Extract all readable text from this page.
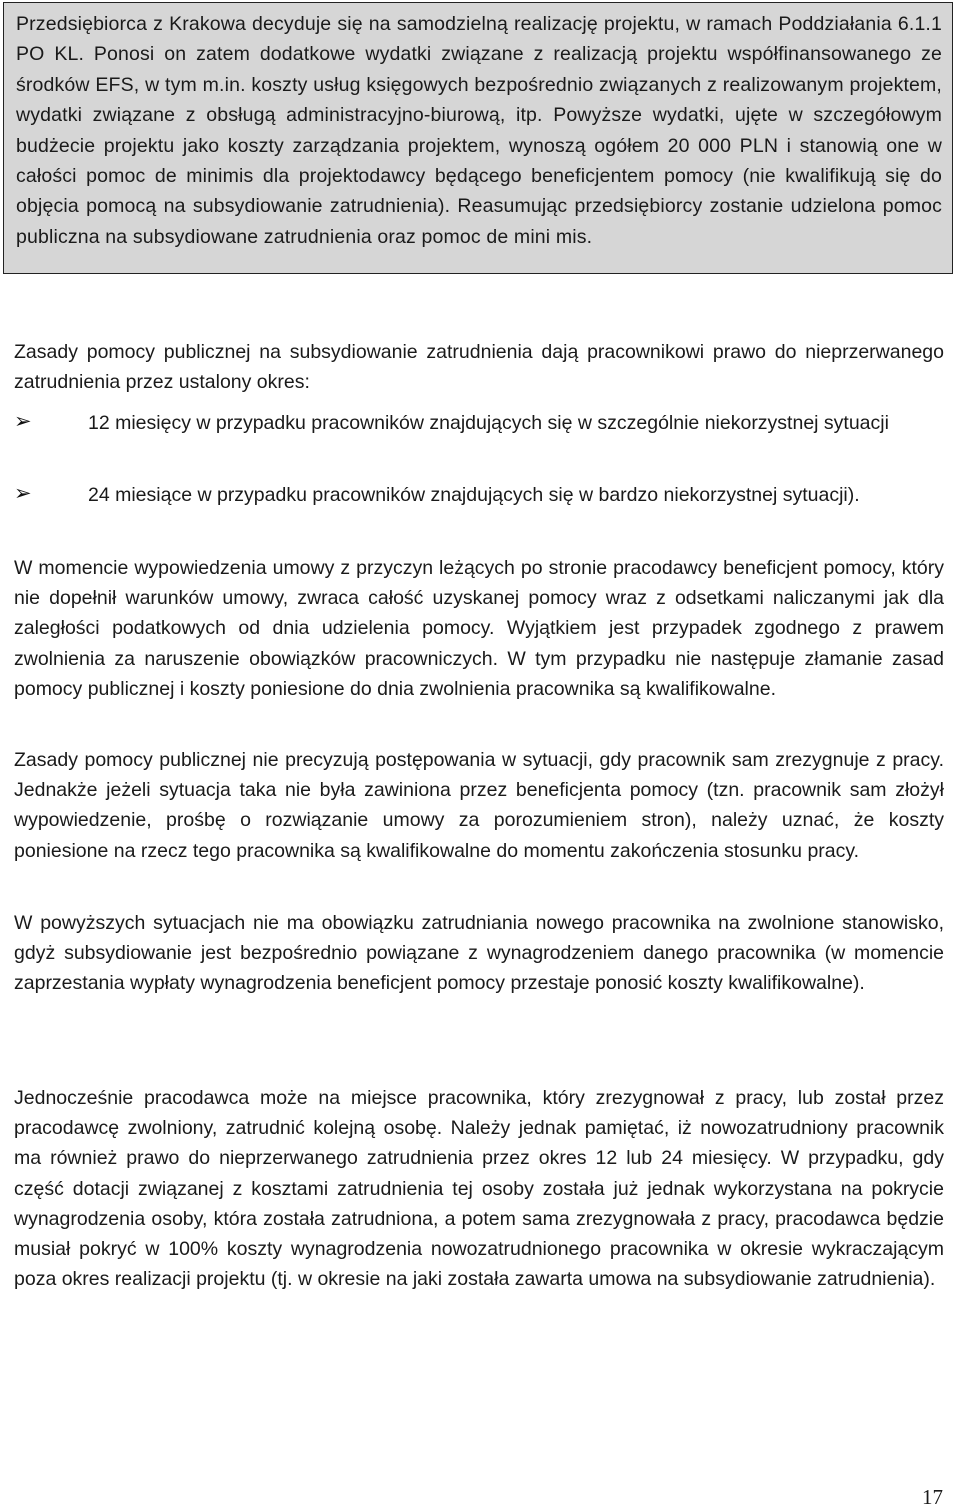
Przedsiębiorca z Krakowa decyduje się na samodzielną realizację projektu, w ramach Poddziałania 6.1.1 PO KL. Ponosi on zatem dodatkowe wydatki związane z realizacją projektu współfinansowanego ze środków EFS, w tym m.in. koszty usług księgowych bezpośrednio związanych z realizowanym projektem, wydatki związane z obsługą administracyjno-biurową, itp. Powyższe wydatki, ujęte w szczegółowym budżecie projektu jako koszty zarządzania projektem, wynoszą ogółem 20 000 PLN i stanowią one w całości pomoc de minimis dla projektodawcy będącego beneficjentem pomocy (nie kwalifikują się do objęcia pomocą na subsydiowanie zatrudnienia). Reasumując przedsiębiorcy zostanie udzielona pomoc publiczna na subsydiowane zatrudnienia oraz pomoc de mini mis.

Zasady pomocy publicznej na subsydiowanie zatrudnienia dają pracownikowi prawo do nieprzerwanego zatrudnienia przez ustalony okres:

➢	12 miesięcy w przypadku pracowników znajdujących się w szczególnie niekorzystnej sytuacji

➢	24 miesiące w przypadku pracowników znajdujących się w bardzo niekorzystnej sytuacji).

W momencie wypowiedzenia umowy z przyczyn leżących po stronie pracodawcy beneficjent pomocy, który nie dopełnił warunków umowy, zwraca całość uzyskanej pomocy wraz z odsetkami naliczanymi jak dla zaległości podatkowych od dnia udzielenia pomocy. Wyjątkiem jest przypadek zgodnego z prawem zwolnienia za naruszenie obowiązków pracowniczych. W tym przypadku nie następuje złamanie zasad pomocy publicznej i koszty poniesione do dnia zwolnienia pracownika są kwalifikowalne.

Zasady pomocy publicznej nie precyzują postępowania w sytuacji, gdy pracownik sam zrezygnuje z pracy. Jednakże jeżeli sytuacja taka nie była zawiniona przez beneficjenta pomocy (tzn. pracownik sam złożył wypowiedzenie, prośbę o rozwiązanie umowy za porozumieniem stron), należy uznać, że koszty poniesione na rzecz tego pracownika są kwalifikowalne do momentu zakończenia stosunku pracy.

W powyższych sytuacjach nie ma obowiązku zatrudniania nowego pracownika na zwolnione stanowisko, gdyż subsydiowanie jest bezpośrednio powiązane z wynagrodzeniem danego pracownika (w momencie zaprzestania wypłaty wynagrodzenia beneficjent pomocy przestaje ponosić koszty kwalifikowalne).

Jednocześnie pracodawca może na miejsce pracownika, który zrezygnował z pracy, lub został przez pracodawcę zwolniony, zatrudnić kolejną osobę. Należy jednak pamiętać, iż nowozatrudniony pracownik ma również prawo do nieprzerwanego zatrudnienia przez okres 12 lub 24 miesięcy. W przypadku, gdy część dotacji związanej z kosztami zatrudnienia tej osoby została już jednak wykorzystana na pokrycie wynagrodzenia osoby, która została zatrudniona, a potem sama zrezygnowała z pracy, pracodawca będzie musiał pokryć w 100% koszty wynagrodzenia nowozatrudnionego pracownika w okresie wykraczającym poza okres realizacji projektu (tj. w okresie na jaki została zawarta umowa na subsydiowanie zatrudnienia).

17
